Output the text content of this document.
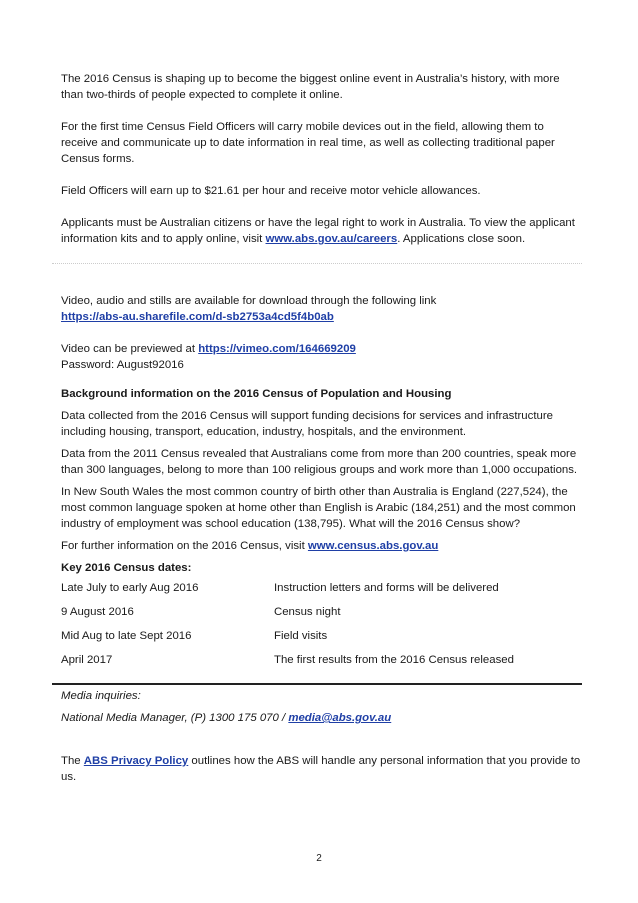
The 2016 Census is shaping up to become the biggest online event in Australia’s history, with more than two-thirds of people expected to complete it online.

For the first time Census Field Officers will carry mobile devices out in the field, allowing them to receive and communicate up to date information in real time, as well as collecting traditional paper Census forms.

Field Officers will earn up to $21.61 per hour and receive motor vehicle allowances.

Applicants must be Australian citizens or have the legal right to work in Australia. To view the applicant information kits and to apply online, visit www.abs.gov.au/careers. Applications close soon.

Video, audio and stills are available for download through the following link

https://abs-au.sharefile.com/d-sb2753a4cd5f4b0ab

Video can be previewed at https://vimeo.com/164669209

Password: August92016

Background information on the 2016 Census of Population and Housing

Data collected from the 2016 Census will support funding decisions for services and infrastructure including housing, transport, education, industry, hospitals, and the environment.

Data from the 2011 Census revealed that Australians come from more than 200 countries, speak more than 300 languages, belong to more than 100 religious groups and work more than 1,000 occupations.

In New South Wales the most common country of birth other than Australia is England (227,524), the most common language spoken at home other than English is Arabic (184,251) and the most common industry of employment was school education (138,795). What will the 2016 Census show?

For further information on the 2016 Census, visit www.census.abs.gov.au

Key 2016 Census dates:

Late July to early Aug 2016	Instruction letters and forms will be delivered
9 August 2016	Census night
Mid Aug to late Sept 2016	Field visits
April 2017	The first results from the 2016 Census released

Media inquiries:

National Media Manager, (P) 1300 175 070 / media@abs.gov.au

The ABS Privacy Policy outlines how the ABS will handle any personal information that you provide to us.

2
